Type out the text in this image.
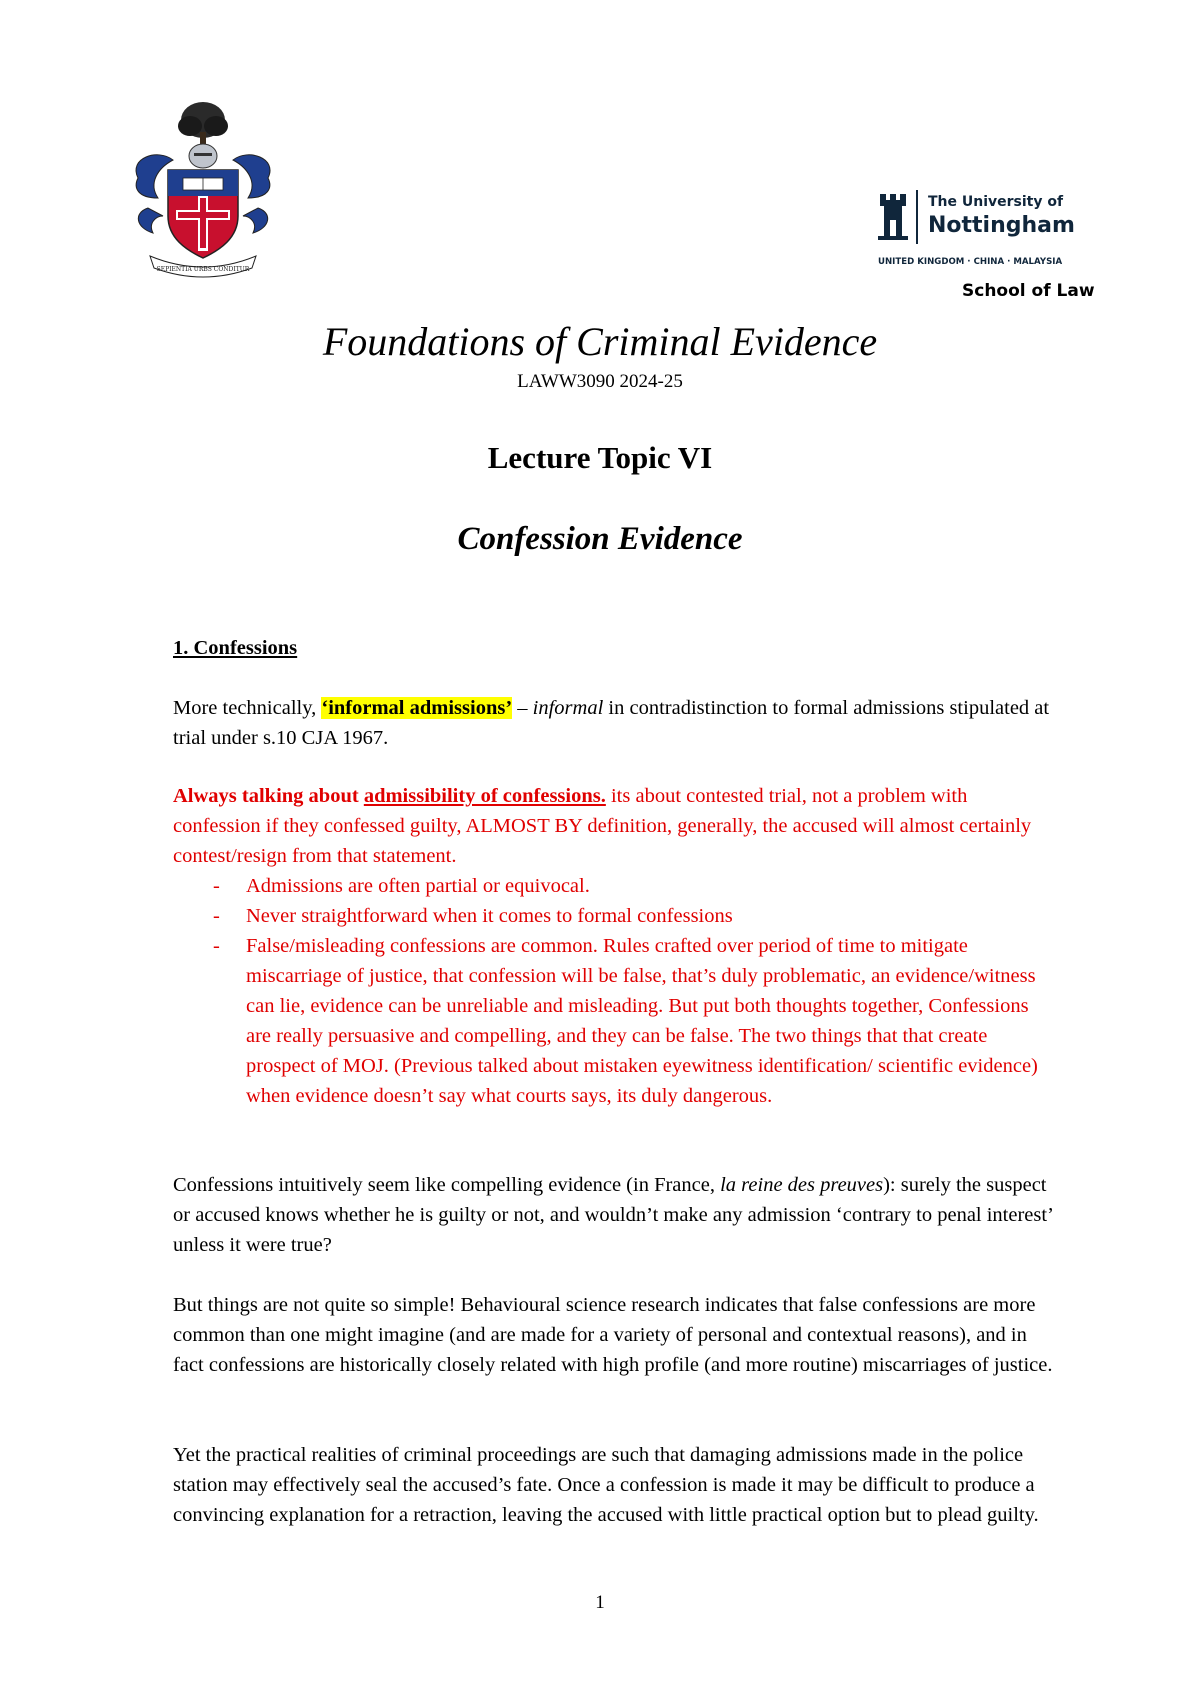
SEPIENTIA URBS CONDITUR
The University of
Nottingham
UNITED KINGDOM · CHINA · MALAYSIA
School of Law
Foundations of Criminal Evidence
LAWW3090 2024-25
Lecture Topic VI
Confession Evidence
1. Confessions
More technically, ‘informal admissions’ – informal in contradistinction to formal admissions stipulated at trial under s.10 CJA 1967.
Always talking about admissibility of confessions. its about contested trial, not a problem with confession if they confessed guilty, ALMOST BY definition, generally, the accused will almost certainly contest/resign from that statement.
- Admissions are often partial or equivocal.
- Never straightforward when it comes to formal confessions
- False/misleading confessions are common. Rules crafted over period of time to mitigate miscarriage of justice, that confession will be false, that’s duly problematic, an evidence/witness can lie, evidence can be unreliable and misleading. But put both thoughts together, Confessions are really persuasive and compelling, and they can be false. The two things that that create prospect of MOJ. (Previous talked about mistaken eyewitness identification/ scientific evidence) when evidence doesn’t say what courts says, its duly dangerous.
Confessions intuitively seem like compelling evidence (in France, la reine des preuves): surely the suspect or accused knows whether he is guilty or not, and wouldn’t make any admission ‘contrary to penal interest’ unless it were true?
But things are not quite so simple! Behavioural science research indicates that false confessions are more common than one might imagine (and are made for a variety of personal and contextual reasons), and in fact confessions are historically closely related with high profile (and more routine) miscarriages of justice.
Yet the practical realities of criminal proceedings are such that damaging admissions made in the police station may effectively seal the accused’s fate. Once a confession is made it may be difficult to produce a convincing explanation for a retraction, leaving the accused with little practical option but to plead guilty.
1
